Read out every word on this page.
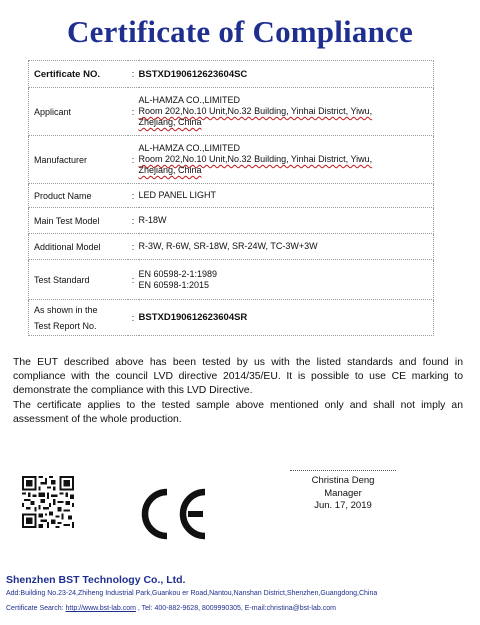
Certificate of Compliance
Certificate NO.	:	BSTXD190612623604SC
Applicant	:	AL-HAMZA CO.,LIMITED
Room 202,No.10 Unit,No.32 Building, Yinhai District, Yiwu,
Zhejiang, China

Manufacturer	:	AL-HAMZA CO.,LIMITED
Room 202,No.10 Unit,No.32 Building, Yinhai District, Yiwu,
Zhejiang, China

Product Name	:	LED PANEL LIGHT
Main Test Model	:	R-18W
Additional Model	:	R-3W, R-6W, SR-18W, SR-24W, TC-3W+3W
Test Standard	:	EN 60598-2-1:1989
EN 60598-1:2015

As shown in the
Test Report No.	:	BSTXD190612623604SR

The EUT described above has been tested by us with the listed standards and found in compliance with the council LVD directive 2014/35/EU. It is possible to use CE marking to demonstrate the compliance with this LVD Directive.

The certificate applies to the tested sample above mentioned only and shall not imply an assessment of the whole production.

Christina Deng
Manager
Jun. 17, 2019
Shenzhen BST Technology Co., Ltd.
Add:Building No.23-24,Zhiheng Industrial Park,Guankou er Road,Nantou,Nanshan District,Shenzhen,Guangdong,China
Certificate Search: http://www.bst-lab.com , Tel: 400-882-9628, 8009990305, E-mail:christina@bst-lab.com
